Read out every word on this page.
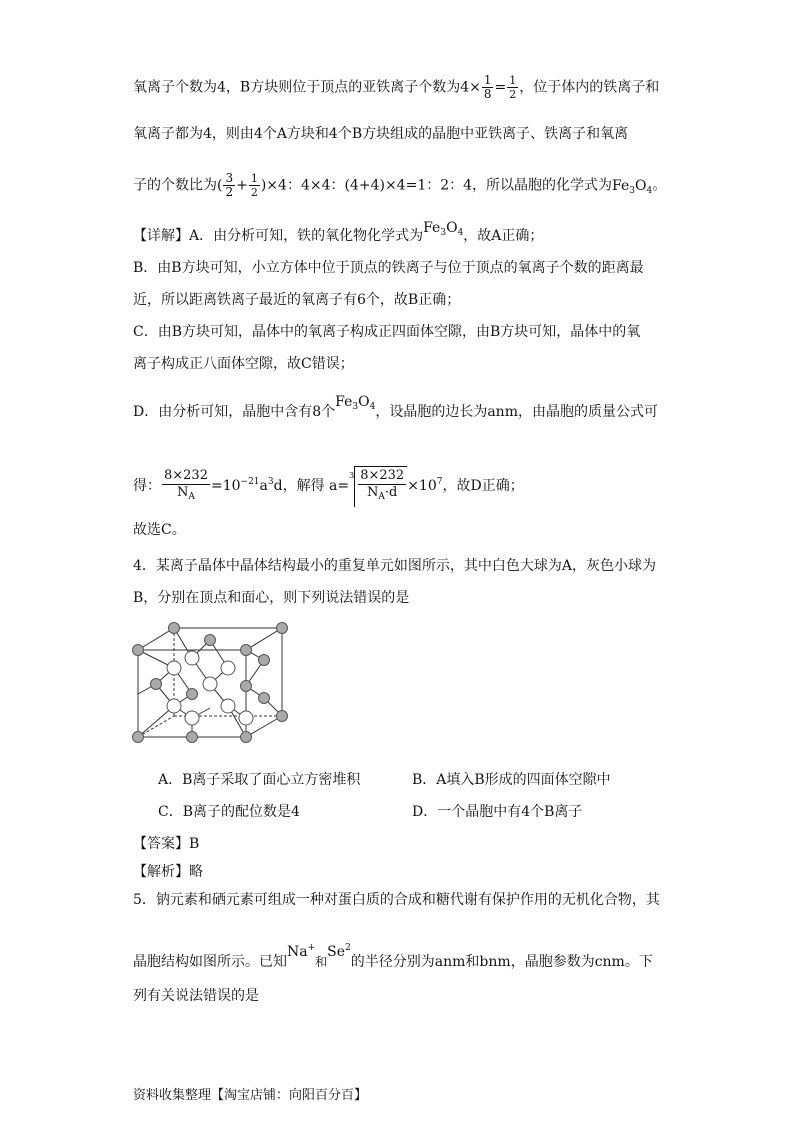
氧离子个数为4，B方块则位于顶点的亚铁离子个数为$4\times \frac{1}{8} = \frac{1}{2}$ ，位于体内的铁离子和
氧离子都为4，则由4个A方块和4个B方块组成的晶胞中亚铁离子、铁离子和氧离
子的个数比为( $\frac{3}{2} + \frac{1}{2} )\times 4$：4×4：(4+4)×4=1：2：4，所以晶胞的化学式为$Fe_3O_4$。
【详解】A．由分析可知，铁的氧化物化学式为$Fe_3O_4$，故A正确；
B．由B方块可知，小立方体中位于顶点的铁离子与位于顶点的氧离子个数的距离最
近，所以距离铁离子最近的氧离子有6个，故B正确；
C．由B方块可知，晶体中的氧离子构成正四面体空隙，由B方块可知，晶体中的氧
离子构成正八面体空隙，故C错误；
D．由分析可知，晶胞中含有8个$Fe_3O_4$，设晶胞的边长为anm，由晶胞的质量公式可
得： $\frac{8\times 232}{N_A} =10^{-21}a^3d$，解得 $a=^3 \frac{8\times 232}{N_A\cdot d} \times 10^7$，故D正确；
故选C。
4．某离子晶体中晶体结构最小的重复单元如图所示，其中白色大球为A，灰色小球为
B，分别在顶点和面心，则下列说法错误的是
A．B离子采取了面心立方密堆积	B．A填入B形成的四面体空隙中
C．B离子的配位数是4	D．一个晶胞中有4个B离子
【答案】B
【解析】略
5．钠元素和硒元素可组成一种对蛋白质的合成和糖代谢有保护作用的无机化合物，其
晶胞结构如图所示。已知Na+和Se$^2$的半径分别为anm和bnm，晶胞参数为cnm。下
列有关说法错误的是
资料收集整理【淘宝店铺：向阳百分百】
